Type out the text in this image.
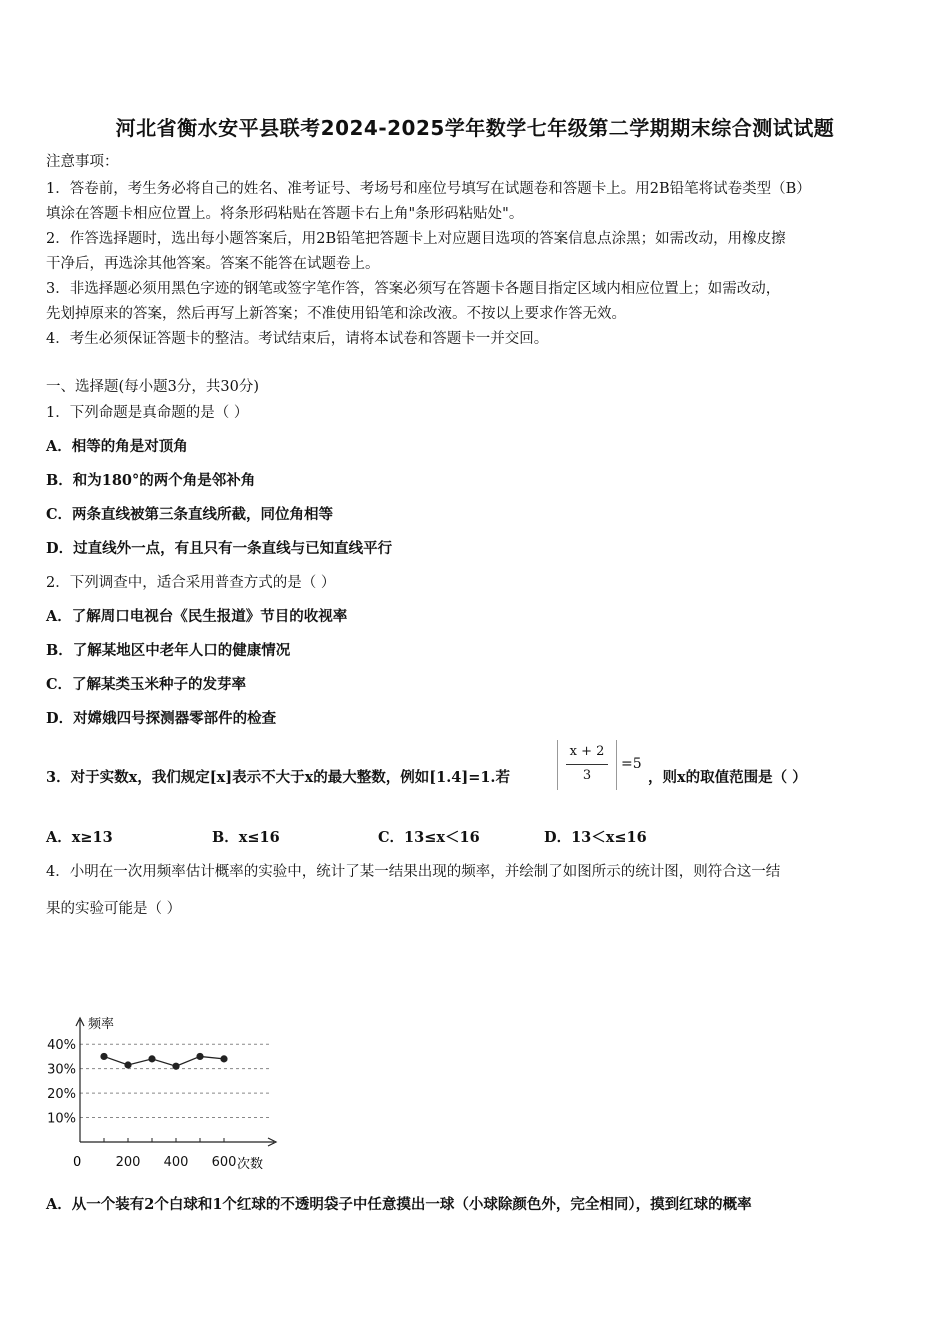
河北省衡水安平县联考2024-2025学年数学七年级第二学期期末综合测试试题
注意事项：
1．答卷前，考生务必将自己的姓名、准考证号、考场号和座位号填写在试题卷和答题卡上。用2B铅笔将试卷类型（B）
填涂在答题卡相应位置上。将条形码粘贴在答题卡右上角"条形码粘贴处"。
2．作答选择题时，选出每小题答案后，用2B铅笔把答题卡上对应题目选项的答案信息点涂黑；如需改动，用橡皮擦
干净后，再选涂其他答案。答案不能答在试题卷上。
3．非选择题必须用黑色字迹的钢笔或签字笔作答，答案必须写在答题卡各题目指定区域内相应位置上；如需改动，
先划掉原来的答案，然后再写上新答案；不准使用铅笔和涂改液。不按以上要求作答无效。
4．考生必须保证答题卡的整洁。考试结束后，请将本试卷和答题卡一并交回。
一、选择题(每小题3分，共30分)
1．下列命题是真命题的是（ ）
A．相等的角是对顶角
B．和为180°的两个角是邻补角
C．两条直线被第三条直线所截，同位角相等
D．过直线外一点，有且只有一条直线与已知直线平行
2．下列调查中，适合采用普查方式的是（ ）
A．了解周口电视台《民生报道》节目的收视率
B．了解某地区中老年人口的健康情况
C．了解某类玉米种子的发芽率
D．对嫦娥四号探测器零部件的检查
3．对于实数x，我们规定[x]表示不大于x的最大整数，例如[1.4]=1.若
x + 2
3
=5
，则x的取值范围是（ ）
A．x≥13	B．x≤16	C．13≤x＜16	D．13＜x≤16
4．小明在一次用频率估计概率的实验中，统计了某一结果出现的频率，并绘制了如图所示的统计图，则符合这一结
果的实验可能是（ ）
频率
次数
0
10%
20%
30%
40%
200 400 600
A．从一个装有2个白球和1个红球的不透明袋子中任意摸出一球（小球除颜色外，完全相同），摸到红球的概率
